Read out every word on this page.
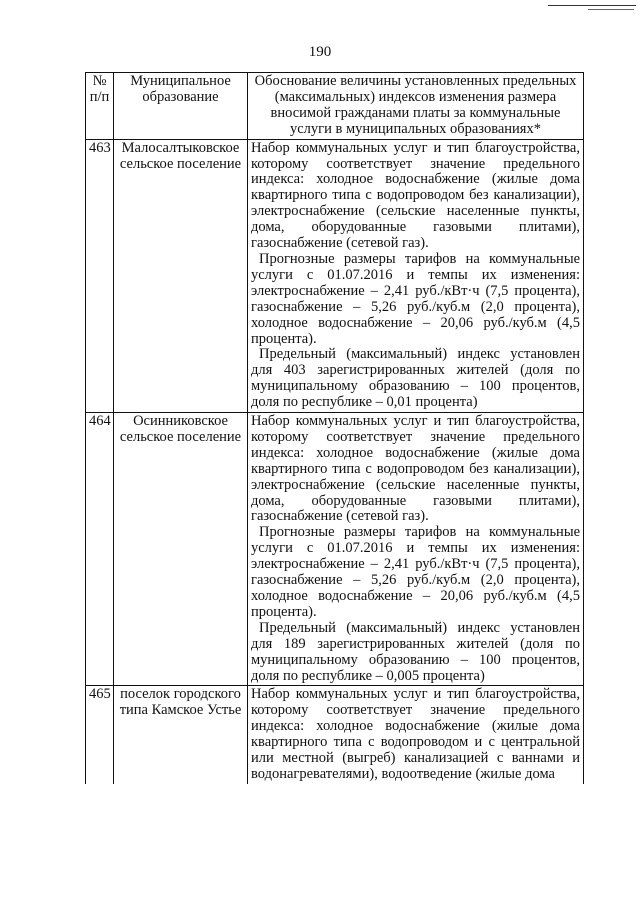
190
№ п/п	Муниципальное образование	Обоснование величины установленных предельных (максимальных) индексов изменения размера вносимой гражданами платы за коммунальные услуги в муниципальных образованиях*
463	Малосалтыковское сельское поселение	Набор коммунальных услуг и тип благоустройства, которому соответствует значение предельного индекса: холодное водоснабжение (жилые дома квартирного типа с водопроводом без канализации), электроснабжение (сельские населенные пункты, дома, оборудованные газовыми плитами), газоснабжение (сетевой газ).

Прогнозные размеры тарифов на коммунальные услуги с 01.07.2016 и темпы их изменения: электроснабжение – 2,41 руб./кВт·ч (7,5 процента), газоснабжение – 5,26 руб./куб.м (2,0 процента), холодное водоснабжение – 20,06 руб./куб.м (4,5 процента).

Предельный (максимальный) индекс установлен для 403 зарегистрированных жителей (доля по муниципальному образованию – 100 процентов, доля по республике – 0,01 процента)

464	Осинниковское сельское поселение	Набор коммунальных услуг и тип благоустройства, которому соответствует значение предельного индекса: холодное водоснабжение (жилые дома квартирного типа с водопроводом без канализации), электроснабжение (сельские населенные пункты, дома, оборудованные газовыми плитами), газоснабжение (сетевой газ).

Прогнозные размеры тарифов на коммунальные услуги с 01.07.2016 и темпы их изменения: электроснабжение – 2,41 руб./кВт·ч (7,5 процента), газоснабжение – 5,26 руб./куб.м (2,0 процента), холодное водоснабжение – 20,06 руб./куб.м (4,5 процента).

Предельный (максимальный) индекс установлен для 189 зарегистрированных жителей (доля по муниципальному образованию – 100 процентов, доля по республике – 0,005 процента)

465	поселок городского типа Камское Устье	Набор коммунальных услуг и тип благоустройства, которому соответствует значение предельного индекса: холодное водоснабжение (жилые дома квартирного типа с водопроводом и с центральной или местной (выгреб) канализацией с ваннами и водонагревателями), водоотведение (жилые дома
